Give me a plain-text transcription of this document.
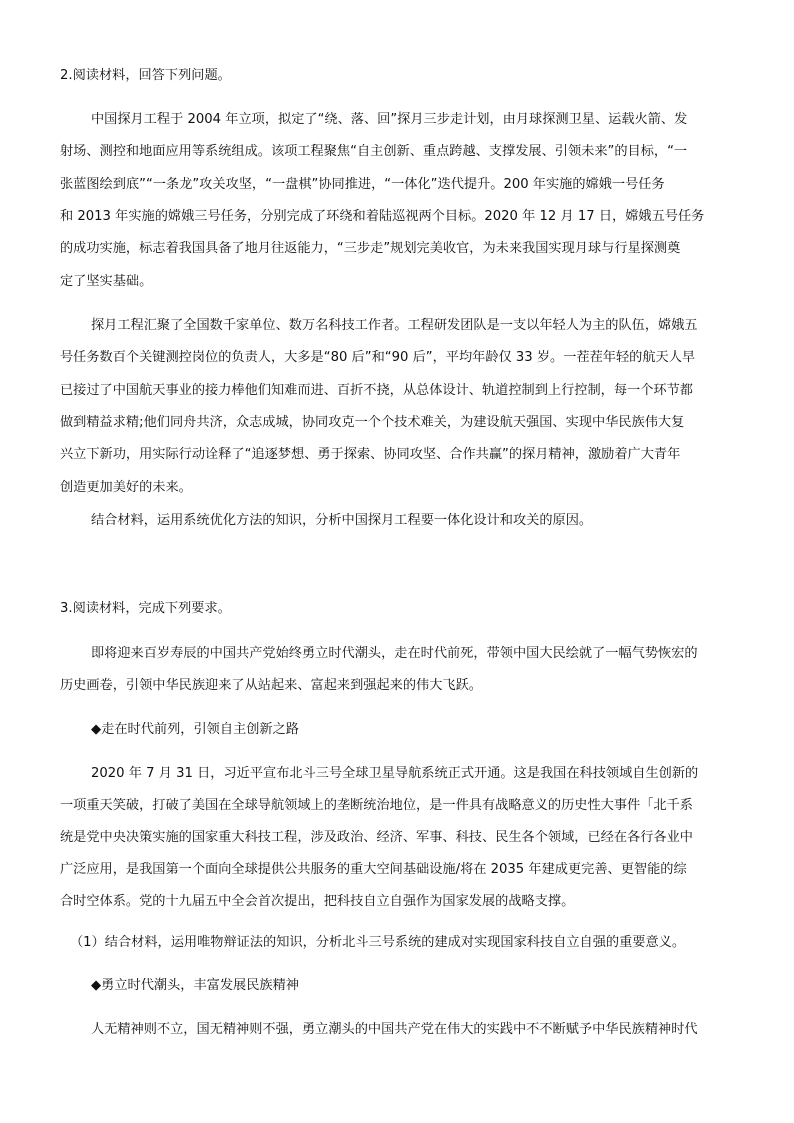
2.阅读材料，回答下列问题。
中国探月工程于 2004 年立项，拟定了“绕、落、回”探月三步走计划，由月球探测卫星、运载火箭、发
射场、测控和地面应用等系统组成。该项工程聚焦“自主创新、重点跨越、支撑发展、引领未来”的目标，“一
张蓝图绘到底”“一条龙”攻关攻坚，“一盘棋”协同推进，“一体化”迭代提升。200 年实施的嫦娥一号任务
和 2013 年实施的嫦娥三号任务，分别完成了环绕和着陆巡视两个目标。2020 年 12 月 17 日，嫦娥五号任务
的成功实施，标志着我国具备了地月往返能力，“三步走”规划完美收官，为未来我国实现月球与行星探测奠
定了坚实基础。
探月工程汇聚了全国数千家单位、数万名科技工作者。工程研发团队是一支以年轻人为主的队伍，嫦娥五
号任务数百个关键测控岗位的负责人，大多是“80 后”和“90 后”，平均年龄仅 33 岁。一茬茬年轻的航天人早
已接过了中国航天事业的接力棒他们知难而进、百折不挠，从总体设计、轨道控制到上行控制，每一个环节都
做到精益求精;他们同舟共济，众志成城，协同攻克一个个技术难关，为建设航天强国、实现中华民族伟大复
兴立下新功，用实际行动诠释了“追逐梦想、勇于探索、协同攻坚、合作共赢”的探月精神，激励着广大青年
创造更加美好的未来。
结合材料，运用系统优化方法的知识，分析中国探月工程要一体化设计和攻关的原因。
3.阅读材料，完成下列要求。
即将迎来百岁寿辰的中国共产党始终勇立时代潮头，走在时代前死，带领中国大民绘就了一幅气势恢宏的
历史画卷，引领中华民族迎来了从站起来、富起来到强起来的伟大飞跃。
◆走在时代前列，引领自主创新之路
2020 年 7 月 31 日，习近平宣布北斗三号全球卫星导航系统正式开通。这是我国在科技领域自生创新的
一项重天笑破，打破了美国在全球导航领域上的垄断统治地位，是一件具有战略意义的历史性大事件「北千系
统是党中央决策实施的国家重大科技工程，涉及政治、经济、军事、科技、民生各个领域，已经在各行各业中
广泛应用，是我国第一个面向全球提供公共服务的重大空间基础设施/将在 2035 年建成更完善、更智能的综
合时空体系。党的十九届五中全会首次提出，把科技自立自强作为国家发展的战略支撑。
（1）结合材料，运用唯物辩证法的知识，分析北斗三号系统的建成对实现国家科技自立自强的重要意义。
◆勇立时代潮头，丰富发展民族精神
人无精神则不立，国无精神则不强，勇立潮头的中国共产党在伟大的实践中不不断赋予中华民族精神时代
